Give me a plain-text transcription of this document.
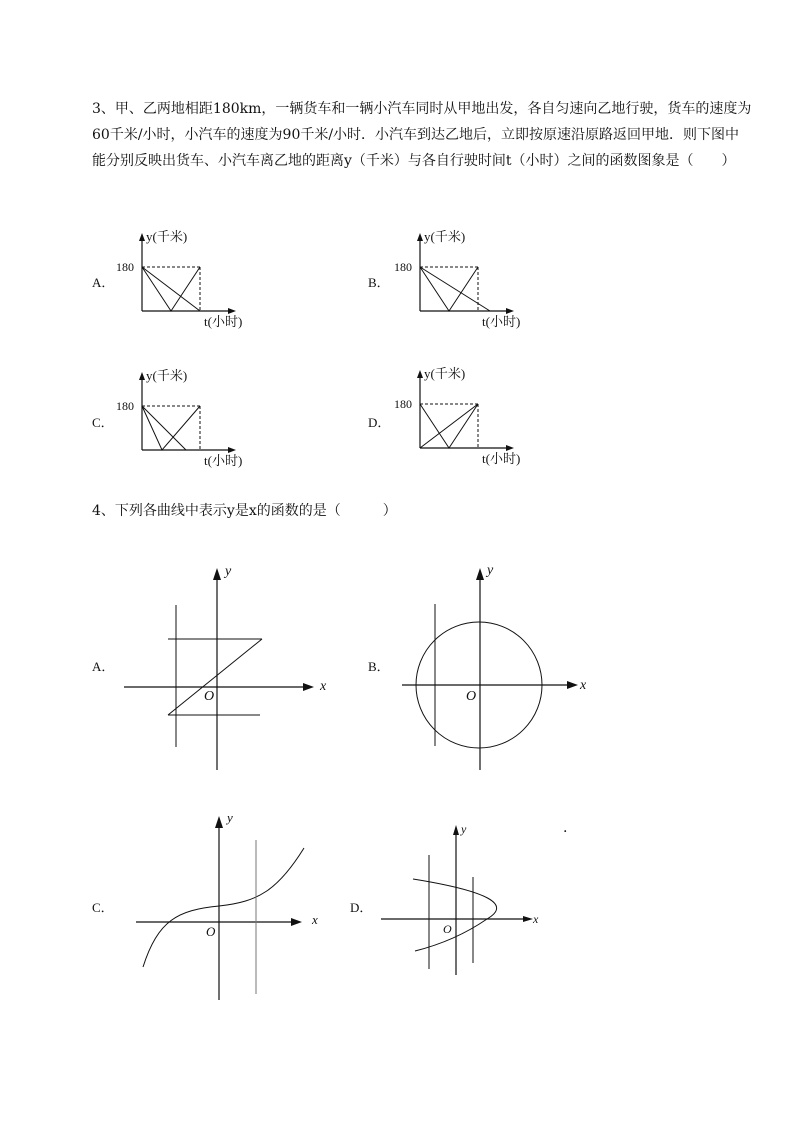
3、甲、乙两地相距180km，一辆货车和一辆小汽车同时从甲地出发，各自匀速向乙地行驶，货车的速度为60千米/小时，小汽车的速度为90千米/小时．小汽车到达乙地后，立即按原速沿原路返回甲地．则下图中能分别反映出货车、小汽车离乙地的距离y（千米）与各自行驶时间t（小时）之间的函数图象是（　　）
A．
y(千米)
180
t(小时)
B．
y(千米)
180
t(小时)
C．
y(千米)
180
t(小时)
D．
y(千米)
180
t(小时)
4、下列各曲线中表示y是x的函数的是（　　　）
A．
x
y
O
B．
x
y
O
C．
x
y
O
D．
x
y
O
.
